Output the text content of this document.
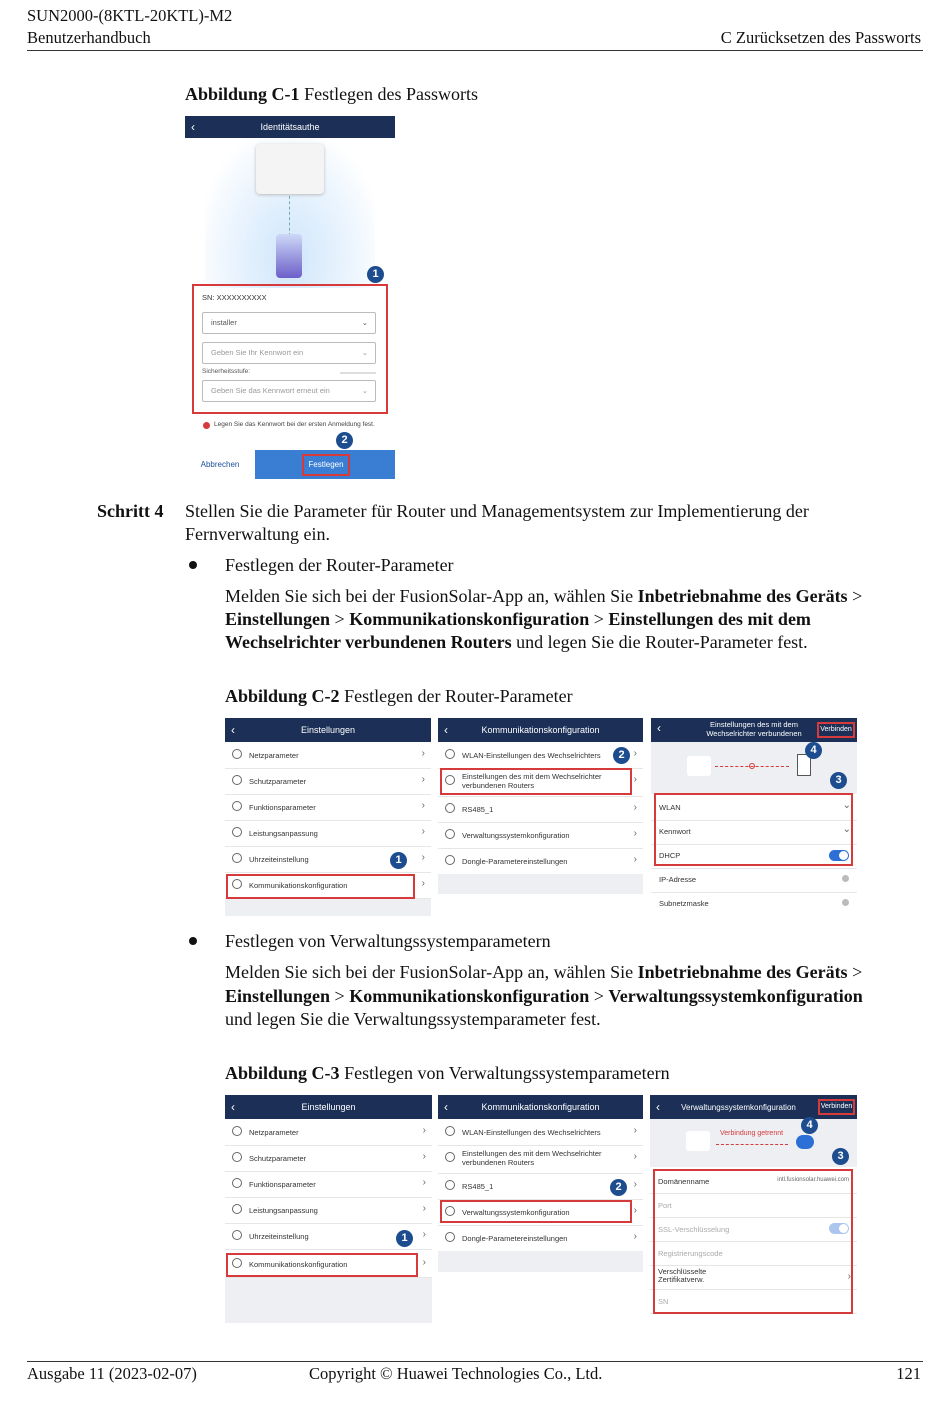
SUN2000-(8KTL-20KTL)-M2
Benutzerhandbuch	C Zurücksetzen des Passworts
Abbildung C-1 Festlegen des Passworts
‹	Identitätsauthe
1
SN: XXXXXXXXXX
installer	⌄
Geben Sie Ihr Kennwort ein	⌄
Sicherheitsstufe:
Geben Sie das Kennwort erneut ein	⌄
Legen Sie das Kennwort bei der ersten Anmeldung fest.
2
Abbrechen	Festlegen
Schritt 4 Stellen Sie die Parameter für Router und Managementsystem zur Implementierung der
Fernverwaltung ein.
Festlegen der Router-Parameter
Melden Sie sich bei der FusionSolar-App an, wählen Sie Inbetriebnahme des Geräts >
Einstellungen > Kommunikationskonfiguration > Einstellungen des mit dem
Wechselrichter verbundenen Routers und legen Sie die Router-Parameter fest.
Abbildung C-2 Festlegen der Router-Parameter
‹	Einstellungen
Netzparameter	›
Schutzparameter	›
Funktionsparameter	›
Leistungsanpassung	›
Uhrzeiteinstellung	›
Kommunikationskonfiguration	›
1
‹	Kommunikationskonfiguration
WLAN-Einstellungen des Wechselrichters	›
Einstellungen des mit dem Wechselrichter
verbundenen Routers
›
RS485_1	›
Verwaltungssystemkonfiguration	›
Dongle-Parametereinstellungen	›
2
‹	Einstellungen des mit dem
Wechselrichter verbundenen	Verbinden
4
3
WLAN	⌄
Kennwort	⌄
DHCP
IP-Adresse
Subnetzmaske
Festlegen von Verwaltungssystemparametern
Melden Sie sich bei der FusionSolar-App an, wählen Sie Inbetriebnahme des Geräts >
Einstellungen > Kommunikationskonfiguration > Verwaltungssystemkonfiguration
und legen Sie die Verwaltungssystemparameter fest.
Abbildung C-3 Festlegen von Verwaltungssystemparametern
‹	Einstellungen
Netzparameter	›
Schutzparameter	›
Funktionsparameter	›
Leistungsanpassung	›
Uhrzeiteinstellung	›
Kommunikationskonfiguration	›
1
‹	Kommunikationskonfiguration
WLAN-Einstellungen des Wechselrichters	›
Einstellungen des mit dem Wechselrichter
verbundenen Routers
›
RS485_1	›
Verwaltungssystemkonfiguration	›
Dongle-Parametereinstellungen	›
2
‹	Verwaltungssystemkonfiguration	Verbinden
Verbindung getrennt
4
3
Domänenname	intl.fusionsolar.huawei.com
Port
SSL-Verschlüsselung
Registrierungscode
Verschlüsselte
Zertifikatverw.	›
SN
Ausgabe 11 (2023-02-07)	Copyright © Huawei Technologies Co., Ltd.	121
